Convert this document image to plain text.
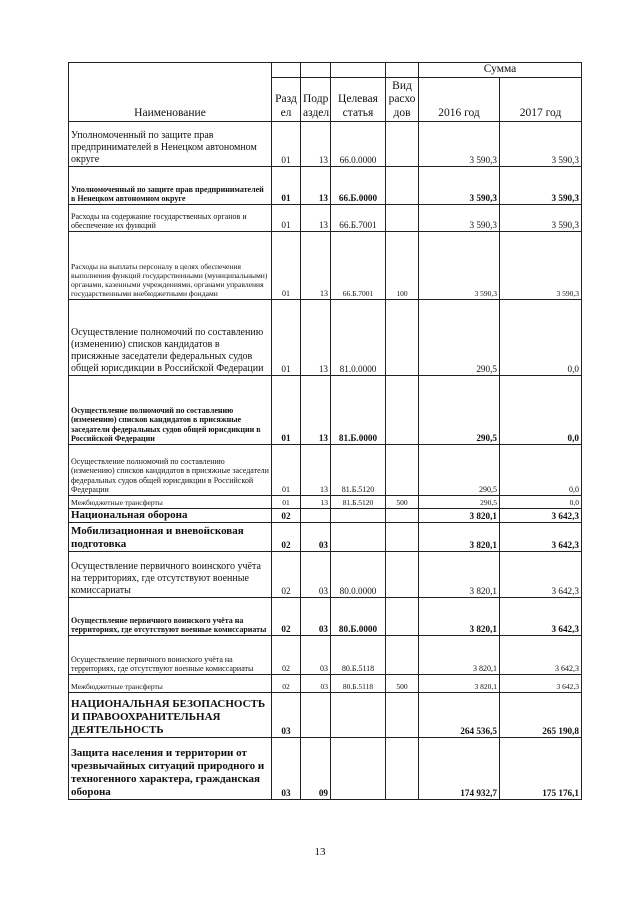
Наименование					Сумма	
	Разд ел	Подр аздел	Целевая статья	Вид расхо дов	2016 год	2017 год
Уполномоченный по защите прав предпринимателей в Ненецком автономном округе	01	13	66.0.0000		3 590,3	3 590,3
Уполномоченный по защите прав предпринимателей в Ненецком автономном округе	01	13	66.Б.0000		3 590,3	3 590,3
Расходы на содержание государственных органов и обеспечение их функций	01	13	66.Б.7001		3 590,3	3 590,3
Расходы на выплаты персоналу в целях обеспечения выполнения функций государственными (муниципальными) органами, казенными учреждениями, органами управления государственными внебюджетными фондами	01	13	66.Б.7001	100	3 590,3	3 590,3
Осуществление полномочий по составлению (изменению) списков кандидатов в присяжные заседатели федеральных судов общей юрисдикции в Российской Федерации	01	13	81.0.0000		290,5	0,0
Осуществление полномочий по составлению (изменению) списков кандидатов в присяжные заседатели федеральных судов общей юрисдикции в Российской Федерации	01	13	81.Б.0000		290,5	0,0
Осуществление полномочий по составлению (изменению) списков кандидатов в присяжные заседатели федеральных судов общей юрисдикции в Российской Федерации	01	13	81.Б.5120		290,5	0,0
Межбюджетные трансферты	01	13	81.Б.5120	500	290,5	0,0
Национальная оборона	02				3 820,1	3 642,3
Мобилизационная и вневойсковая подготовка	02	03			3 820,1	3 642,3
Осуществление первичного воинского учёта на территориях, где отсутствуют военные комиссариаты	02	03	80.0.0000		3 820,1	3 642,3
Осуществление первичного воинского учёта на территориях, где отсутствуют военные комиссариаты	02	03	80.Б.0000		3 820,1	3 642,3
Осуществление первичного воинского учёта на территориях, где отсутствуют военные комиссариаты	02	03	80.Б.5118		3 820,1	3 642,3
Межбюджетные трансферты	02	03	80.Б.5118	500	3 820,1	3 642,3
НАЦИОНАЛЬНАЯ БЕЗОПАСНОСТЬ И ПРАВООХРАНИТЕЛЬНАЯ ДЕЯТЕЛЬНОСТЬ	03				264 536,5	265 190,8
Защита населения и территории от чрезвычайных ситуаций природного и техногенного характера, гражданская оборона	03	09			174 932,7	175 176,1
13
